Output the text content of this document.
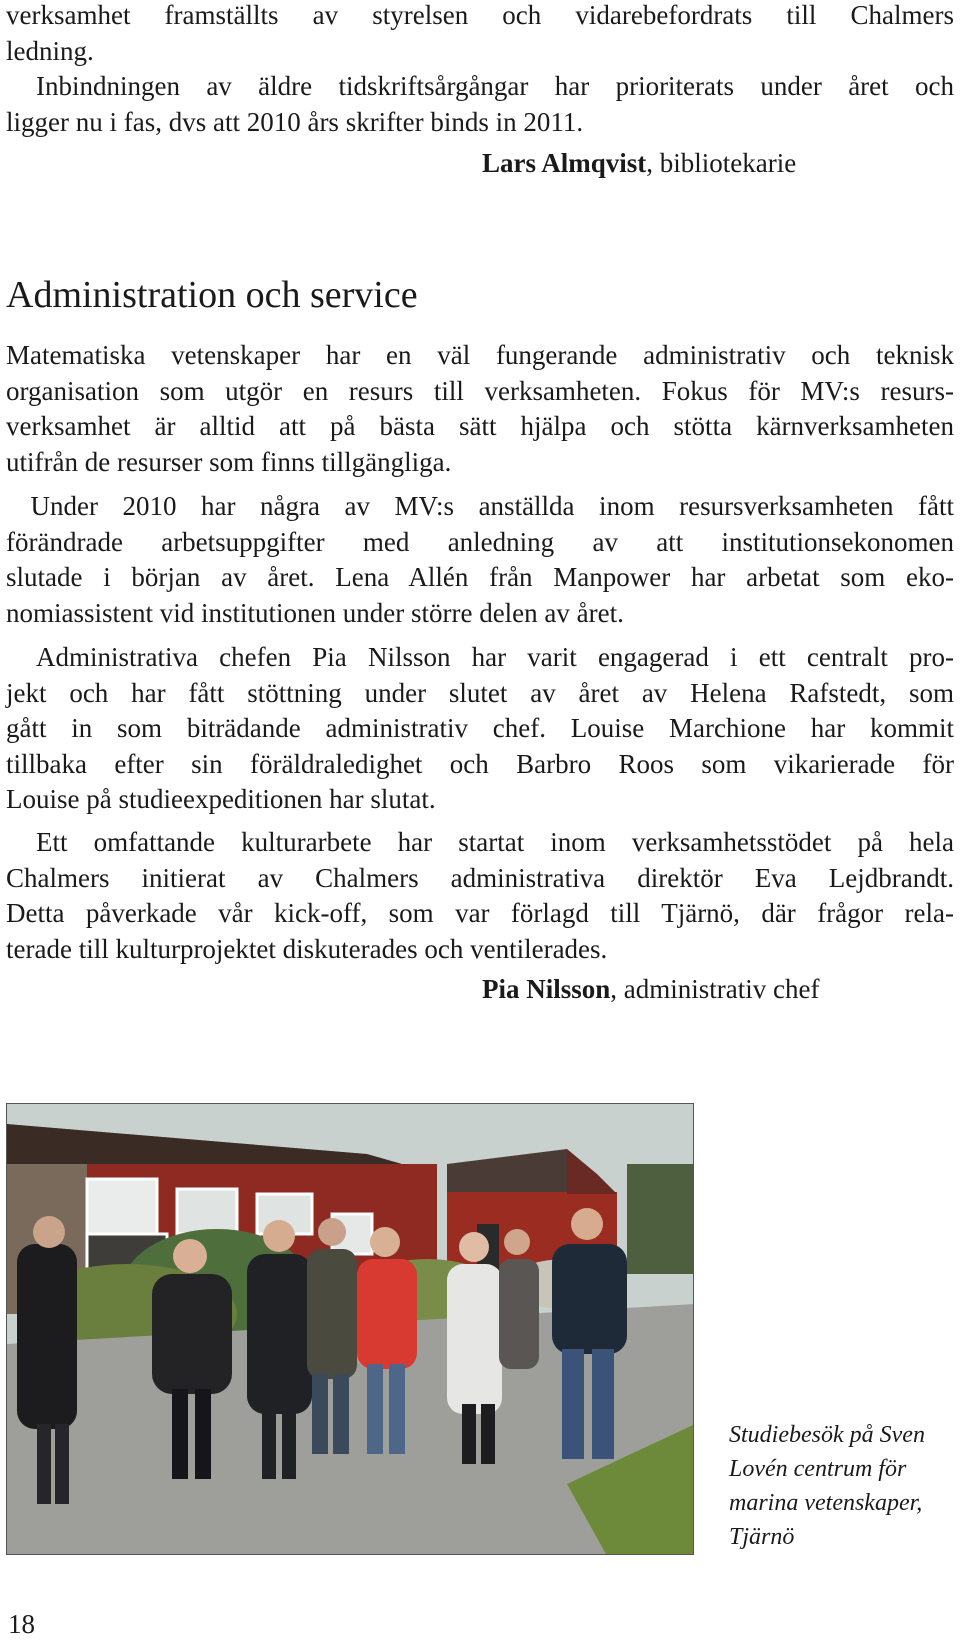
verksamhet framställts av styrelsen och vidarebefordrats till Chalmers
ledning.
Inbindningen av äldre tidskriftsårgångar har prioriterats under året och
ligger nu i fas, dvs att 2010 års skrifter binds in 2011.

Lars Almqvist, bibliotekarie

Administration och service
Matematiska vetenskaper har en väl fungerande administrativ och teknisk
organisation som utgör en resurs till verksamheten. Fokus för MV:s resurs-
verksamhet är alltid att på bästa sätt hjälpa och stötta kärnverksamheten
utifrån de resurser som finns tillgängliga.
Under 2010 har några av MV:s anställda inom resursverksamheten fått
förändrade arbetsuppgifter med anledning av att institutionsekonomen
slutade i början av året. Lena Allén från Manpower har arbetat som eko-
nomiassistent vid institutionen under större delen av året.
Administrativa chefen Pia Nilsson har varit engagerad i ett centralt pro-
jekt och har fått stöttning under slutet av året av Helena Rafstedt, som
gått in som biträdande administrativ chef. Louise Marchione har kommit
tillbaka efter sin föräldraledighet och Barbro Roos som vikarierade för
Louise på studieexpeditionen har slutat.
Ett omfattande kulturarbete har startat inom verksamhetsstödet på hela
Chalmers initierat av Chalmers administrativa direktör Eva Lejdbrandt.
Detta påverkade vår kick-off, som var förlagd till Tjärnö, där frågor rela-
terade till kulturprojektet diskuterades och ventilerades.

Pia Nilsson, administrativ chef

Studiebesök på Sven
Lovén centrum för
marina vetenskaper,
Tjärnö

18
